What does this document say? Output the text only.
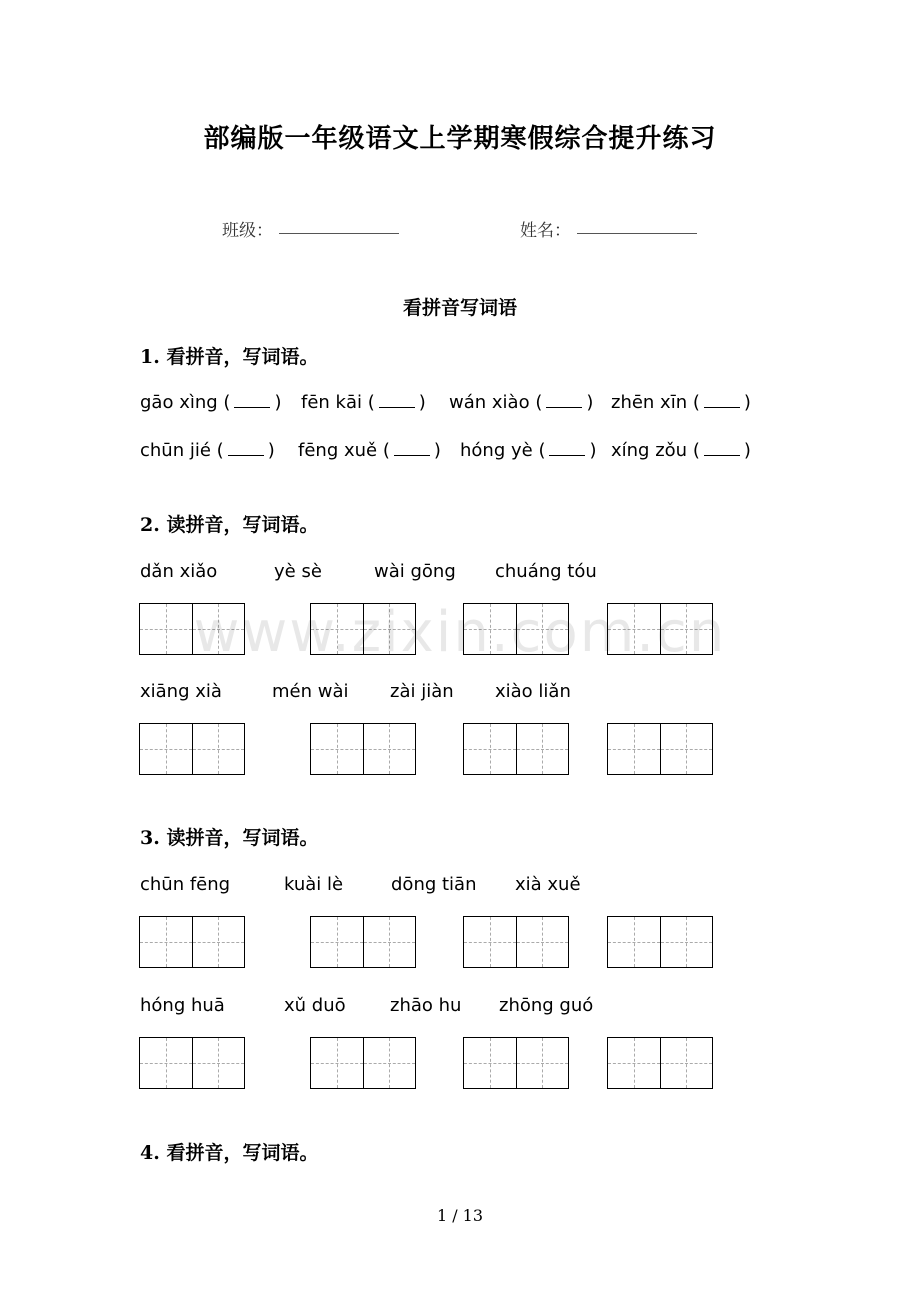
部编版一年级语文上学期寒假综合提升练习
班级：	姓名：
看拼音写词语
1. 看拼音，写词语。
gāo xìng ( ) fēn kāi ( ) wán xiào ( ) zhēn xīn ( )
chūn jié ( ) fēng xuě ( ) hóng yè ( ) xíng zǒu ( )
2. 读拼音，写词语。
dǎn xiǎo	yè sè	wài gōng chuáng tóu
xiāng xià	mén wài zài jiàn xiào liǎn
3. 读拼音，写词语。
chūn fēng	kuài lè	dōng tiān xià xuě
hóng huā	xǔ duō zhāo hu zhōng guó
4. 看拼音，写词语。
www.zixin.com.cn
1 / 13
